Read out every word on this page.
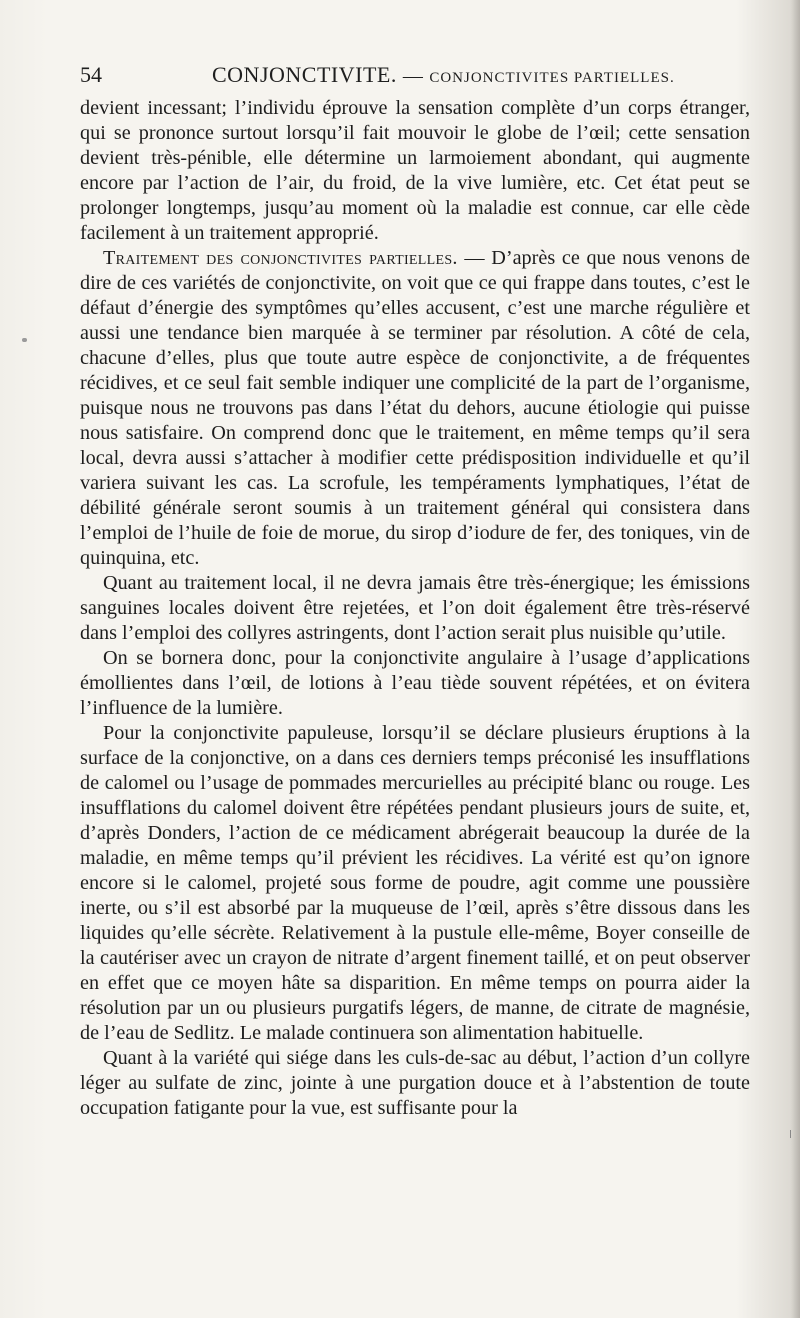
54	CONJONCTIVITE. — CONJONCTIVITES PARTIELLES.

devient incessant; l’individu éprouve la sensation complète d’un corps étranger, qui se prononce surtout lorsqu’il fait mouvoir le globe de l’œil; cette sensation devient très-pénible, elle détermine un larmoiement abondant, qui augmente encore par l’action de l’air, du froid, de la vive lumière, etc. Cet état peut se prolonger longtemps, jusqu’au moment où la maladie est connue, car elle cède facilement à un traitement approprié.

Traitement des conjonctivites partielles. — D’après ce que nous venons de dire de ces variétés de conjonctivite, on voit que ce qui frappe dans toutes, c’est le défaut d’énergie des symptômes qu’elles accusent, c’est une marche régulière et aussi une tendance bien marquée à se terminer par résolution. A côté de cela, chacune d’elles, plus que toute autre espèce de conjonctivite, a de fréquentes récidives, et ce seul fait semble indiquer une complicité de la part de l’organisme, puisque nous ne trouvons pas dans l’état du dehors, aucune étiologie qui puisse nous satisfaire. On comprend donc que le traitement, en même temps qu’il sera local, devra aussi s’attacher à modifier cette prédisposition individuelle et qu’il variera suivant les cas. La scrofule, les tempéraments lymphatiques, l’état de débilité générale seront soumis à un traitement général qui consistera dans l’emploi de l’huile de foie de morue, du sirop d’iodure de fer, des toniques, vin de quinquina, etc.

Quant au traitement local, il ne devra jamais être très-énergique; les émissions sanguines locales doivent être rejetées, et l’on doit également être très-réservé dans l’emploi des collyres astringents, dont l’action serait plus nuisible qu’utile.

On se bornera donc, pour la conjonctivite angulaire à l’usage d’applications émollientes dans l’œil, de lotions à l’eau tiède souvent répétées, et on évitera l’influence de la lumière.

Pour la conjonctivite papuleuse, lorsqu’il se déclare plusieurs éruptions à la surface de la conjonctive, on a dans ces derniers temps préconisé les insufflations de calomel ou l’usage de pommades mercurielles au précipité blanc ou rouge. Les insufflations du calomel doivent être répétées pendant plusieurs jours de suite, et, d’après Donders, l’action de ce médicament abrégerait beaucoup la durée de la maladie, en même temps qu’il prévient les récidives. La vérité est qu’on ignore encore si le calomel, projeté sous forme de poudre, agit comme une poussière inerte, ou s’il est absorbé par la muqueuse de l’œil, après s’être dissous dans les liquides qu’elle sécrète. Relativement à la pustule elle-même, Boyer conseille de la cautériser avec un crayon de nitrate d’argent finement taillé, et on peut observer en effet que ce moyen hâte sa disparition. En même temps on pourra aider la résolution par un ou plusieurs purgatifs légers, de manne, de citrate de magnésie, de l’eau de Sedlitz. Le malade continuera son alimentation habituelle.

Quant à la variété qui siége dans les culs-de-sac au début, l’action d’un collyre léger au sulfate de zinc, jointe à une purgation douce et à l’abstention de toute occupation fatigante pour la vue, est suffisante pour la
